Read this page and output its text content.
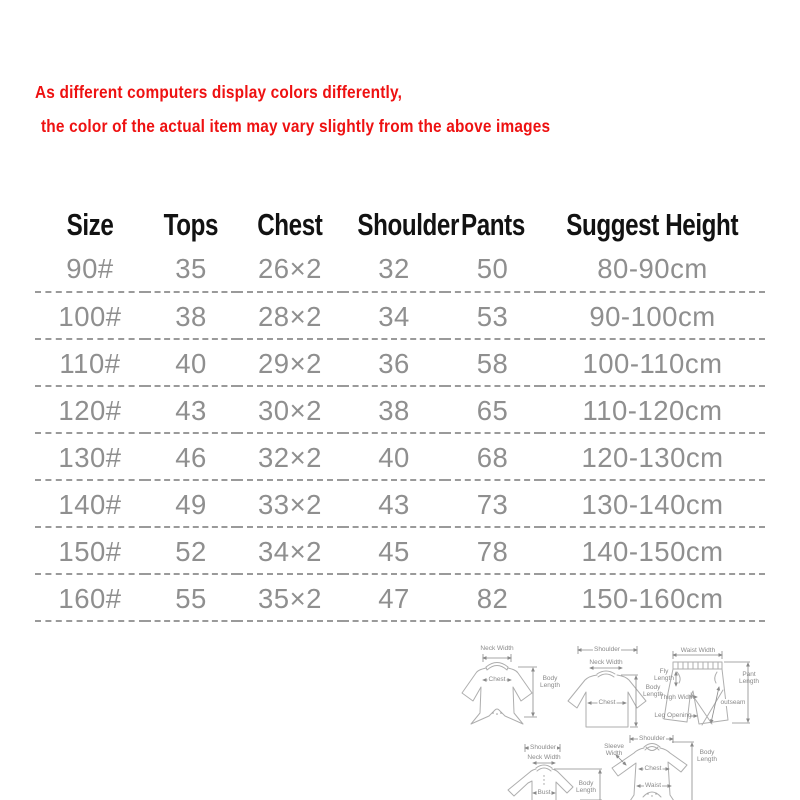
As different computers display colors differently,
the color of the actual item may vary slightly from the above images
Size	Tops	Chest	Shoulder	Pants	Suggest Height
90#	35	26×2	32	50	80-90cm
100#	38	28×2	34	53	90-100cm
110#	40	29×2	36	58	100-110cm
120#	43	30×2	38	65	110-120cm
130#	46	32×2	40	68	120-130cm
140#	49	33×2	43	73	130-140cm
150#	52	34×2	45	78	140-150cm
160#	55	35×2	47	82	150-160cm
Neck Width
Chest	Body Length
Shoulder
Neck Width
Chest
Body Length
Waist Width
Fly Length
Pant Length
Thigh Width
outseam
Leg Opening
Shoulder
Neck Width
Bust
Body Length
Shoulder
Sleeve Width
Chest
Waist
Body Length
